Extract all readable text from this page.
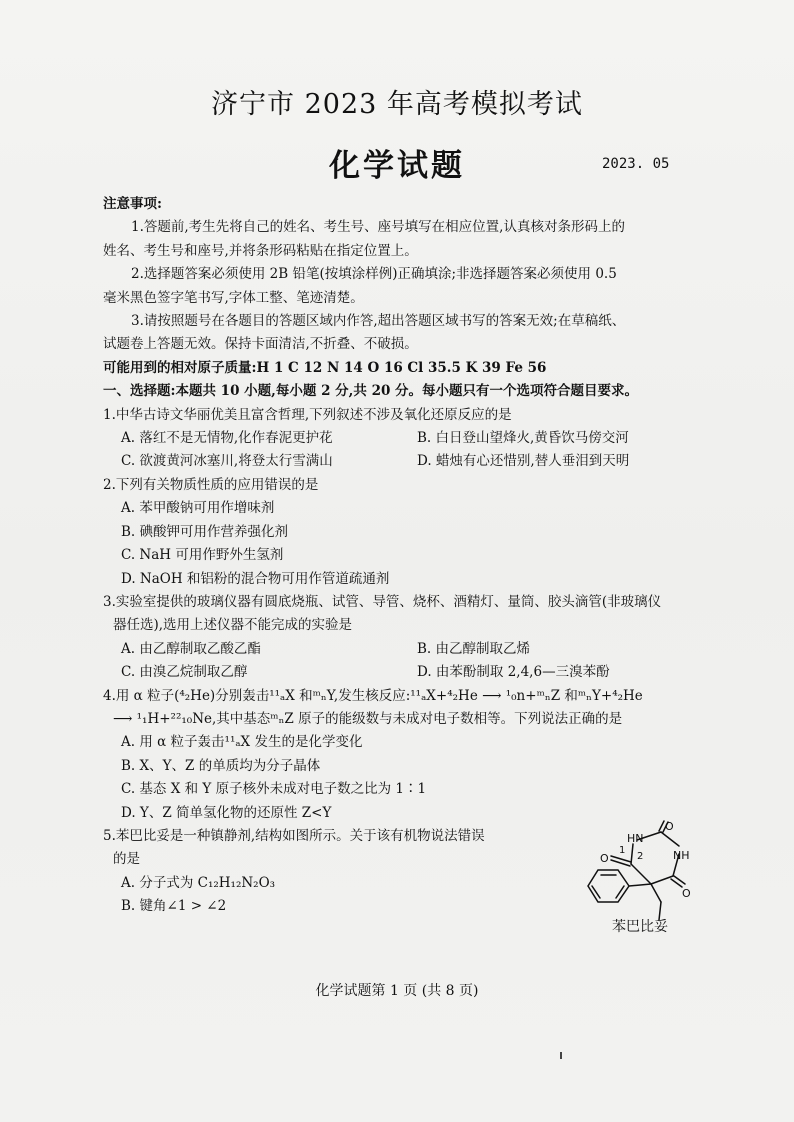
济宁市 2023 年高考模拟考试
化学试题	2023. 05

注意事项:

1.答题前,考生先将自己的姓名、考生号、座号填写在相应位置,认真核对条形码上的

姓名、考生号和座号,并将条形码粘贴在指定位置上。

2.选择题答案必须使用 2B 铅笔(按填涂样例)正确填涂;非选择题答案必须使用 0.5

毫米黑色签字笔书写,字体工整、笔迹清楚。

3.请按照题号在各题目的答题区域内作答,超出答题区域书写的答案无效;在草稿纸、

试题卷上答题无效。保持卡面清洁,不折叠、不破损。

可能用到的相对原子质量:H 1 C 12 N 14 O 16 Cl 35.5 K 39 Fe 56

一、选择题:本题共 10 小题,每小题 2 分,共 20 分。每小题只有一个选项符合题目要求。

1.中华古诗文华丽优美且富含哲理,下列叙述不涉及氧化还原反应的是

A. 落红不是无情物,化作春泥更护花	B. 白日登山望烽火,黄昏饮马傍交河
C. 欲渡黄河冰塞川,将登太行雪满山	D. 蜡烛有心还惜别,替人垂泪到天明

2.下列有关物质性质的应用错误的是

A. 苯甲酸钠可用作增味剂

B. 碘酸钾可用作营养强化剂

C. NaH 可用作野外生氢剂

D. NaOH 和铝粉的混合物可用作管道疏通剂

3.实验室提供的玻璃仪器有圆底烧瓶、试管、导管、烧杯、酒精灯、量筒、胶头滴管(非玻璃仪

器任选),选用上述仪器不能完成的实验是

A. 由乙醇制取乙酸乙酯	B. 由乙醇制取乙烯
C. 由溴乙烷制取乙醇	D. 由苯酚制取 2,4,6—三溴苯酚

4.用 α 粒子(⁴₂He)分别轰击¹¹ₐX 和ᵐₙY,发生核反应:¹¹ₐX+⁴₂He ⟶ ¹₀n+ᵐₙZ 和ᵐₙY+⁴₂He

⟶ ¹₁H+²²₁₀Ne,其中基态ᵐₙZ 原子的能级数与未成对电子数相等。下列说法正确的是

A. 用 α 粒子轰击¹¹ₐX 发生的是化学变化

B. X、Y、Z 的单质均为分子晶体

C. 基态 X 和 Y 原子核外未成对电子数之比为 1∶1

D. Y、Z 简单氢化物的还原性 Z<Y

5.苯巴比妥是一种镇静剂,结构如图所示。关于该有机物说法错误

的是

A. 分子式为 C₁₂H₁₂N₂O₃

B. 键角∠1 > ∠2

HN
NH
O
O
O
1
2
苯巴比妥
化学试题第 1 页 (共 8 页)
